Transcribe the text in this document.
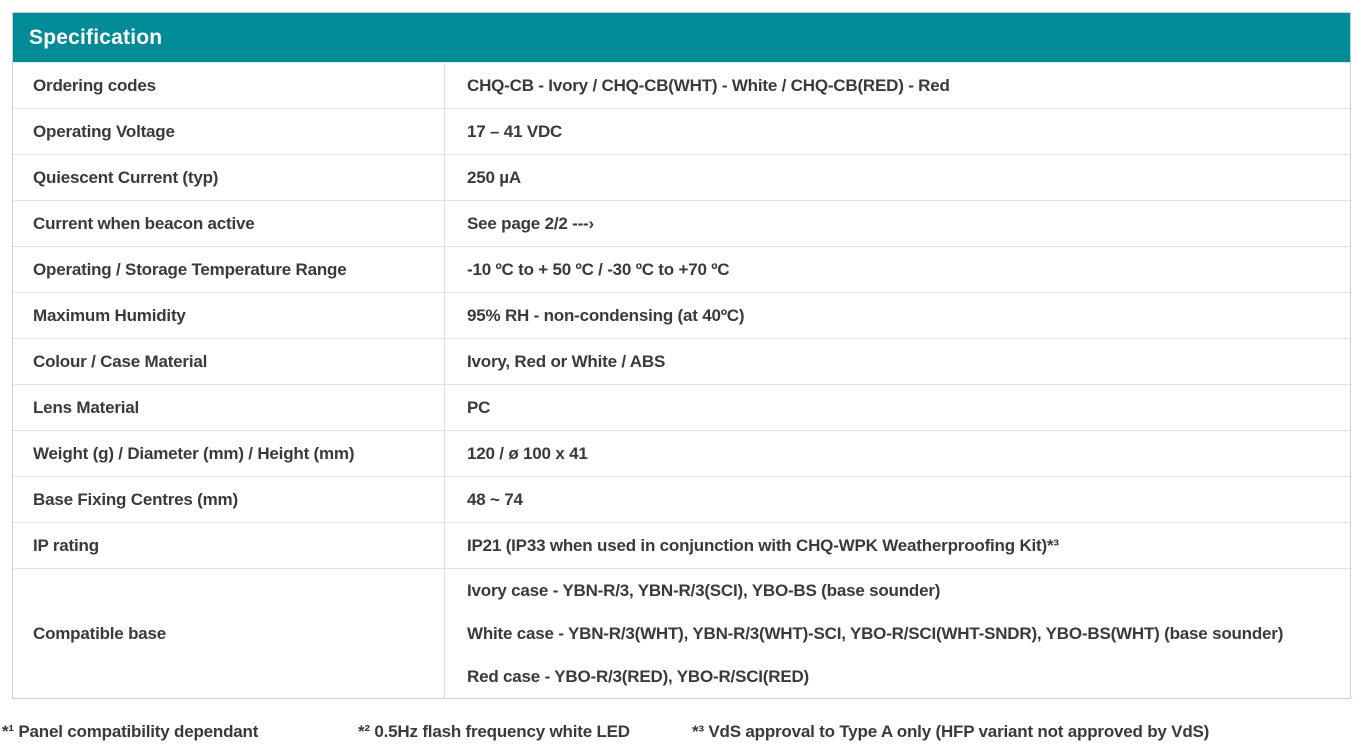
Specification
Ordering codes	CHQ-CB - Ivory / CHQ-CB(WHT) - White / CHQ-CB(RED) - Red
Operating Voltage	17 – 41 VDC
Quiescent Current (typ)	250 µA
Current when beacon active	See page 2/2 ---›
Operating / Storage Temperature Range	-10 ºC to + 50 ºC / -30 ºC to +70 ºC
Maximum Humidity	95% RH - non-condensing (at 40ºC)
Colour / Case Material	Ivory, Red or White / ABS
Lens Material	PC
Weight (g) / Diameter (mm) / Height (mm)	120 / ø 100 x 41
Base Fixing Centres (mm)	48 ~ 74
IP rating	IP21 (IP33 when used in conjunction with CHQ-WPK Weatherproofing Kit)*³
Compatible base
Ivory case - YBN-R/3, YBN-R/3(SCI), YBO-BS (base sounder)
White case - YBN-R/3(WHT), YBN-R/3(WHT)-SCI, YBO-R/SCI(WHT-SNDR), YBO-BS(WHT) (base sounder)
Red case - YBO-R/3(RED), YBO-R/SCI(RED)
*¹ Panel compatibility dependant	*² 0.5Hz flash frequency white LED	*³ VdS approval to Type A only (HFP variant not approved by VdS)
